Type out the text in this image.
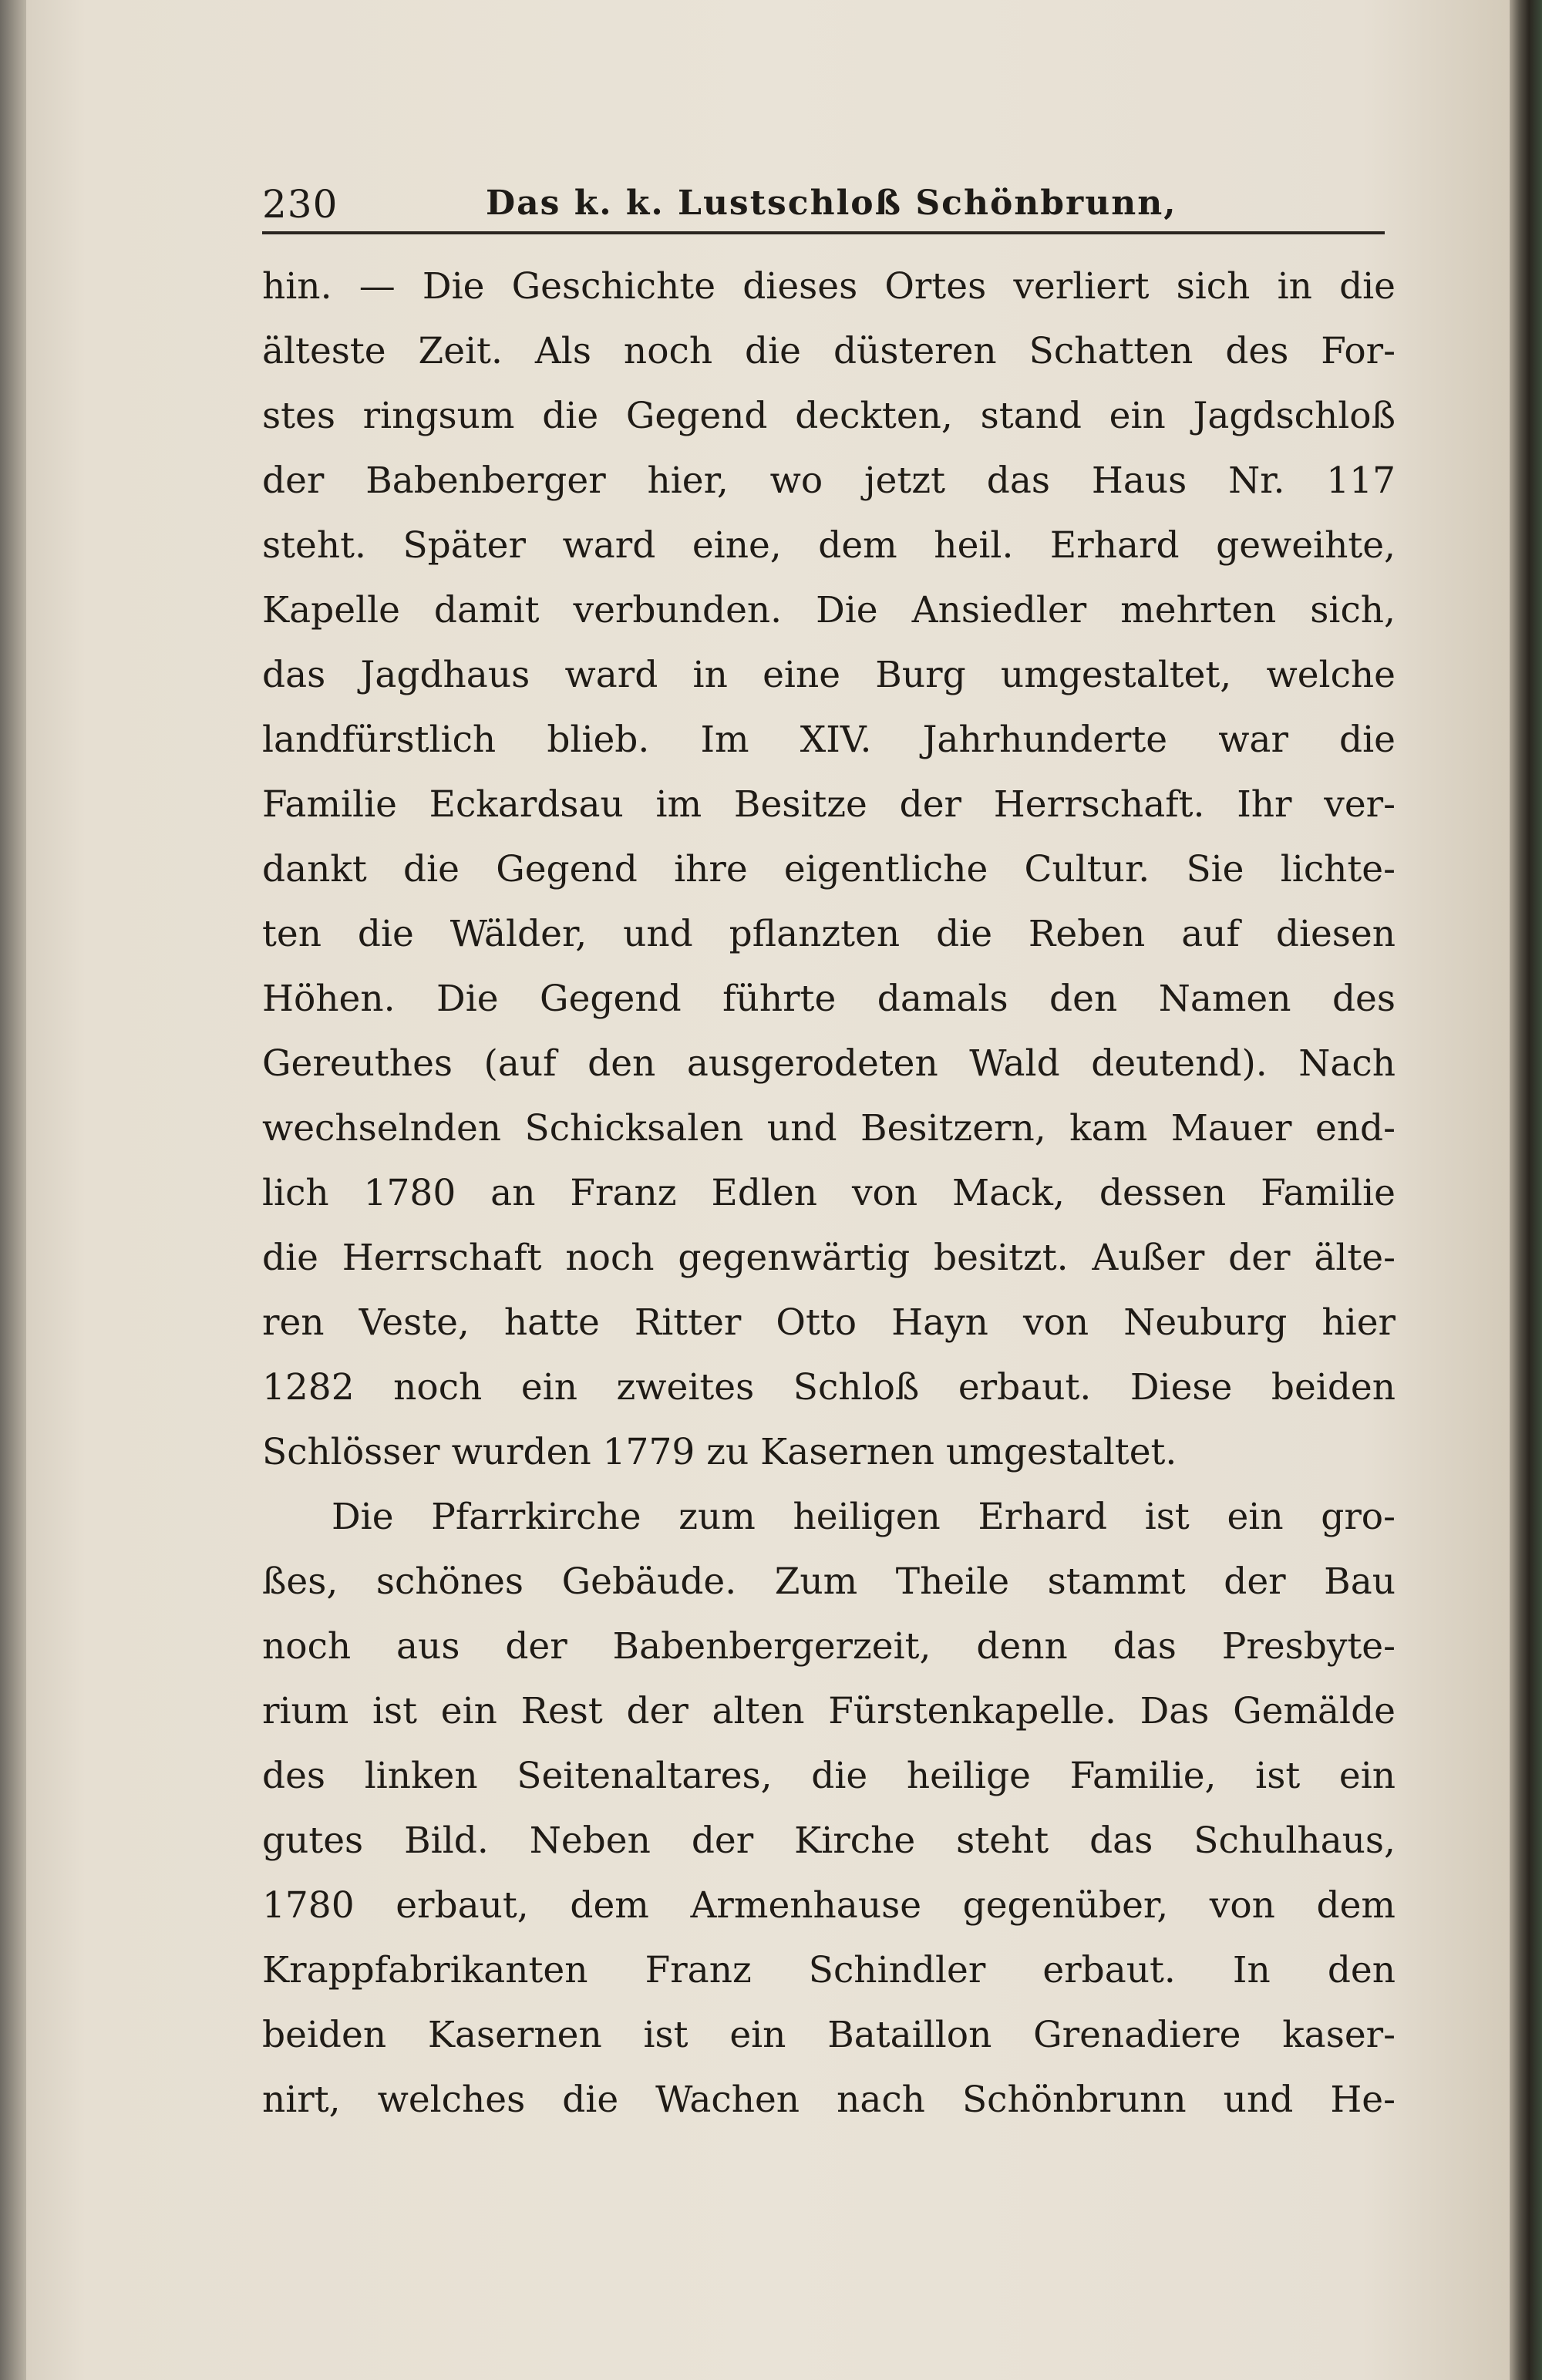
230	Das k. k. Lustschloß Schönbrunn,
hin. — Die Geschichte dieses Ortes verliert sich in die
älteste Zeit. Als noch die düsteren Schatten des For-
stes ringsum die Gegend deckten, stand ein Jagdschloß
der Babenberger hier, wo jetzt das Haus Nr. 117
steht. Später ward eine, dem heil. Erhard geweihte,
Kapelle damit verbunden. Die Ansiedler mehrten sich,
das Jagdhaus ward in eine Burg umgestaltet, welche
landfürstlich blieb. Im XIV. Jahrhunderte war die
Familie Eckardsau im Besitze der Herrschaft. Ihr ver-
dankt die Gegend ihre eigentliche Cultur. Sie lichte-
ten die Wälder, und pflanzten die Reben auf diesen
Höhen. Die Gegend führte damals den Namen des
Gereuthes (auf den ausgerodeten Wald deutend). Nach
wechselnden Schicksalen und Besitzern, kam Mauer end-
lich 1780 an Franz Edlen von Mack, dessen Familie
die Herrschaft noch gegenwärtig besitzt. Außer der älte-
ren Veste, hatte Ritter Otto Hayn von Neuburg hier
1282 noch ein zweites Schloß erbaut. Diese beiden
Schlösser wurden 1779 zu Kasernen umgestaltet.
Die Pfarrkirche zum heiligen Erhard ist ein gro-
ßes, schönes Gebäude. Zum Theile stammt der Bau
noch aus der Babenbergerzeit, denn das Presbyte-
rium ist ein Rest der alten Fürstenkapelle. Das Gemälde
des linken Seitenaltares, die heilige Familie, ist ein
gutes Bild. Neben der Kirche steht das Schulhaus,
1780 erbaut, dem Armenhause gegenüber, von dem
Krappfabrikanten Franz Schindler erbaut. In den
beiden Kasernen ist ein Bataillon Grenadiere kaser-
nirt, welches die Wachen nach Schönbrunn und He-
